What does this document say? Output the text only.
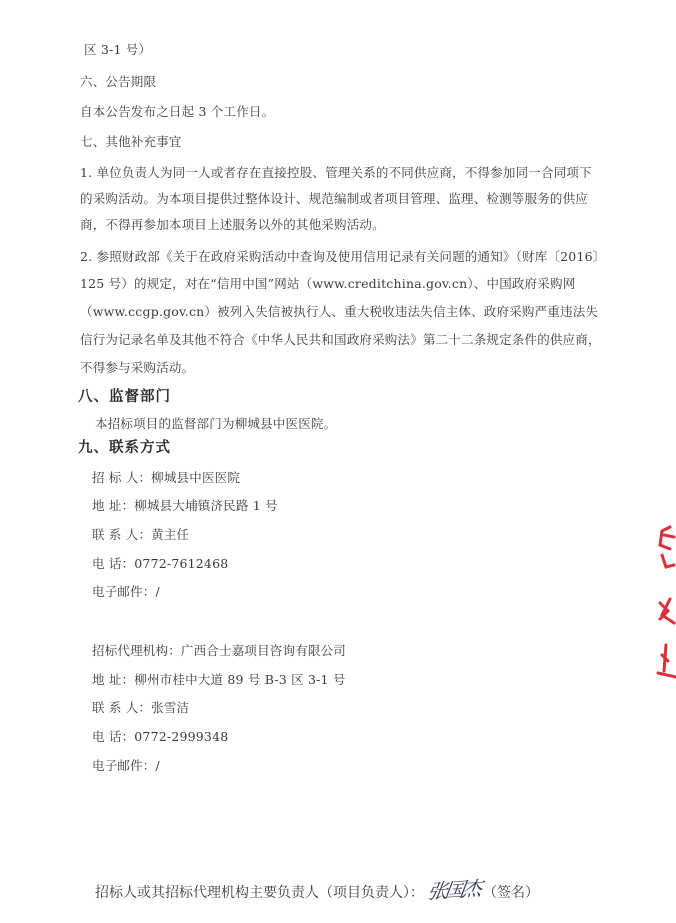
区 3-1 号）
六、公告期限
自本公告发布之日起 3 个工作日。
七、其他补充事宜
1. 单位负责人为同一人或者存在直接控股、管理关系的不同供应商，不得参加同一合同项下
的采购活动。为本项目提供过整体设计、规范编制或者项目管理、监理、检测等服务的供应
商，不得再参加本项目上述服务以外的其他采购活动。
2. 参照财政部《关于在政府采购活动中查询及使用信用记录有关问题的通知》（财库〔2016〕
125 号）的规定，对在“信用中国”网站（www.creditchina.gov.cn）、中国政府采购网
（www.ccgp.gov.cn）被列入失信被执行人、重大税收违法失信主体、政府采购严重违法失
信行为记录名单及其他不符合《中华人民共和国政府采购法》第二十二条规定条件的供应商，
不得参与采购活动。
八、监督部门
本招标项目的监督部门为柳城县中医医院。
九、联系方式
招 标 人：柳城县中医医院
地 址：柳城县大埔镇济民路 1 号
联 系 人：黄主任
电 话：0772-7612468
电子邮件：/
招标代理机构：广西合士嘉项目咨询有限公司
地 址：柳州市桂中大道 89 号 B-3 区 3-1 号
联 系 人：张雪洁
电 话：0772-2999348
电子邮件：/
招标人或其招标代理机构主要负责人（项目负责人）：张国杰 （签名）
